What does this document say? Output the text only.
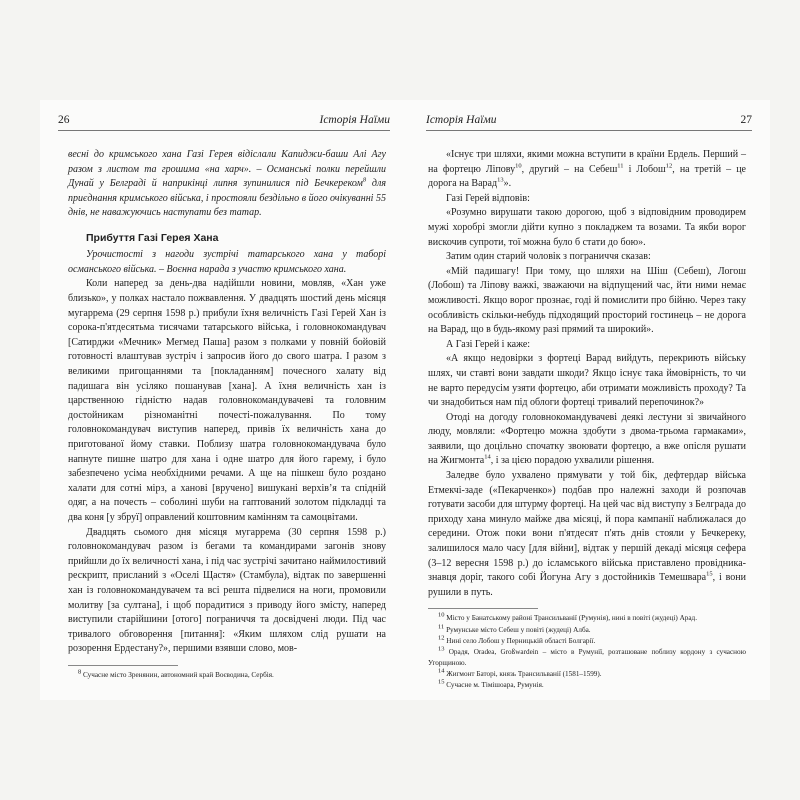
26	Історія Наїми

весні до кримського хана Газі Герея відіслали Капиджи-баши Алі Агу разом з листом та грошима «на харч». – Османські полки перейшли Дунай у Белграді й наприкінці липня зупинилися під Бечкереком$^8$ для приєднання кримського війська, і простояли бездільно в його очікуванні 55 днів, не наважуючись наступати без татар.

Прибуття Газі Герея Хана

Урочистості з нагоди зустрічі татарського хана у таборі османського війська. – Воєнна нарада з участю кримського хана.

Коли наперед за день-два надійшли новини, мовляв, «Хан уже близько», у полках настало пожвавлення. У двадцять шостий день місяця мугаррема (29 серпня 1598 р.) прибули їхня величність Газі Герей Хан із сорока-п'ятдесятьма тисячами татарського війська, і головнокомандувач [Сатирджи «Мечник» Мегмед Паша] разом з полками у повній бойовій готовності влаштував зустріч і запросив його до свого шатра. І разом з великими пригощаннями та [покладанням] почесного халату від падишага він усіляко пошанував [хана]. А їхня величність хан із царственною гідністю надав головнокомандувачеві та головним достойникам різноманітні почесті-пожалування. По тому головнокомандувач виступив наперед, привів їх величність хана до приготованої йому ставки. Поблизу шатра головнокомандувача було напнуте пишне шатро для хана і одне шатро для його гарему, і було забезпечено усіма необхідними речами. А ще на пішкеш було роздано халати для сотні мірз, а ханові [вручено] вишукані верхівʼя та спідній одяг, а на почесть – соболині шуби на гаптований золотом підкладці та два коня [у збруї] оправлений коштовним камінням та самоцвітами.

Двадцять сьомого дня місяця мугаррема (30 серпня 1598 р.) головнокомандувач разом із бегами та командирами загонів знову прийшли до їх величності хана, і під час зустрічі зачитано наймилостивий рескрипт, присланий з «Оселі Щастя» (Стамбула), відтак по завершенні хан із головнокомандувачем та всі решта підвелися на ноги, промовили молитву [за султана], і щоб порадитися з приводу його змісту, наперед виступили старійшини [отого] пограниччя та досвідчені люди. Під час тривалого обговорення [питання]: «Яким шляхом слід рушати на розорення Ердестану?», першими взявши слово, мов-

$^8$ Сучасне місто Зренянин, автономний край Воєводина, Сербія.
Історія Наїми	27

«Існує три шляхи, якими можна вступити в країни Ердель. Перший – на фортецю Ліпову$^{10}$, другий – на Себеш$^{11}$ і Лобош$^{12}$, на третій – це дорога на Варад$^{13}$».

Газі Герей відповів:

«Розумно вирушати такою дорогою, щоб з відповідним проводирем мужі хоробрі змогли дійти купно з покладжем та возами. Та якби ворог вискочив супроти, тої можна було б стати до бою».

Затим один старий чоловік з пограниччя сказав:

«Мій падишагу! При тому, що шляхи на Шіш (Себеш), Логош (Лобош) та Ліпову важкі, зважаючи на відпущений час, йти ними немає можливості. Якщо ворог прознає, годі й помислити про бійню. Через таку особливість скільки-небудь підходящий просторий гостинець – не дорога на Варад, що в будь-якому разі прямий та широкий».

А Газі Герей і каже:

«А якщо недовірки з фортеці Варад вийдуть, перекриють війську шлях, чи ставті вони завдати шкоди? Якщо існує така ймовірність, то чи не варто передусім узяти фортецю, аби отримати можливість проходу? Та чи знадобиться нам під облоги фортеці тривалий перепочинок?»

Отоді на догоду головнокомандувачеві деякі лестуни зі звичайного люду, мовляли: «Фортецю можна здобути з двома-трьома гармаками», заявили, що доцільно спочатку звоювати фортецю, а вже опісля рушати на Жигмонта$^{14}$, і за цією порадою ухвалили рішення.

Заледве було ухвалено прямувати у той бік, дефтердар війська Етмекчі-заде («Пекарченко») подбав про належні заходи й розпочав готувати засоби для штурму фортеці. На цей час від виступу з Белграда до приходу хана минуло майже два місяці, й пора кампанії наближалася до середини. Отож поки вони п'ятдесят п'ять днів стояли у Бечкереку, залишилося мало часу [для війни], відтак у першій декаді місяця сефера (3–12 вересня 1598 р.) до ісламського війська приставлено провідника-знавця доріг, такого собі Йогуна Агу з достойників Темешвара$^{15}$, і вони рушили в путь.

$^{10}$ Місто у Банатському районі Трансильванії (Румунія), нині в повіті (жудеці) Арад.
$^{11}$ Румунське місто Себеш у повіті (жудеці) Алба.
$^{12}$ Нині село Лобош у Перницькій області Болгарії.
$^{13}$ Орадя, Oradea, Großwardein – місто в Румунії, розташоване поблизу кордону з сучасною Угорщиною.
$^{14}$ Жигмонт Баторі, князь Трансильванії (1581–1599).
$^{15}$ Сучасне м. Тімішоара, Румунія.
